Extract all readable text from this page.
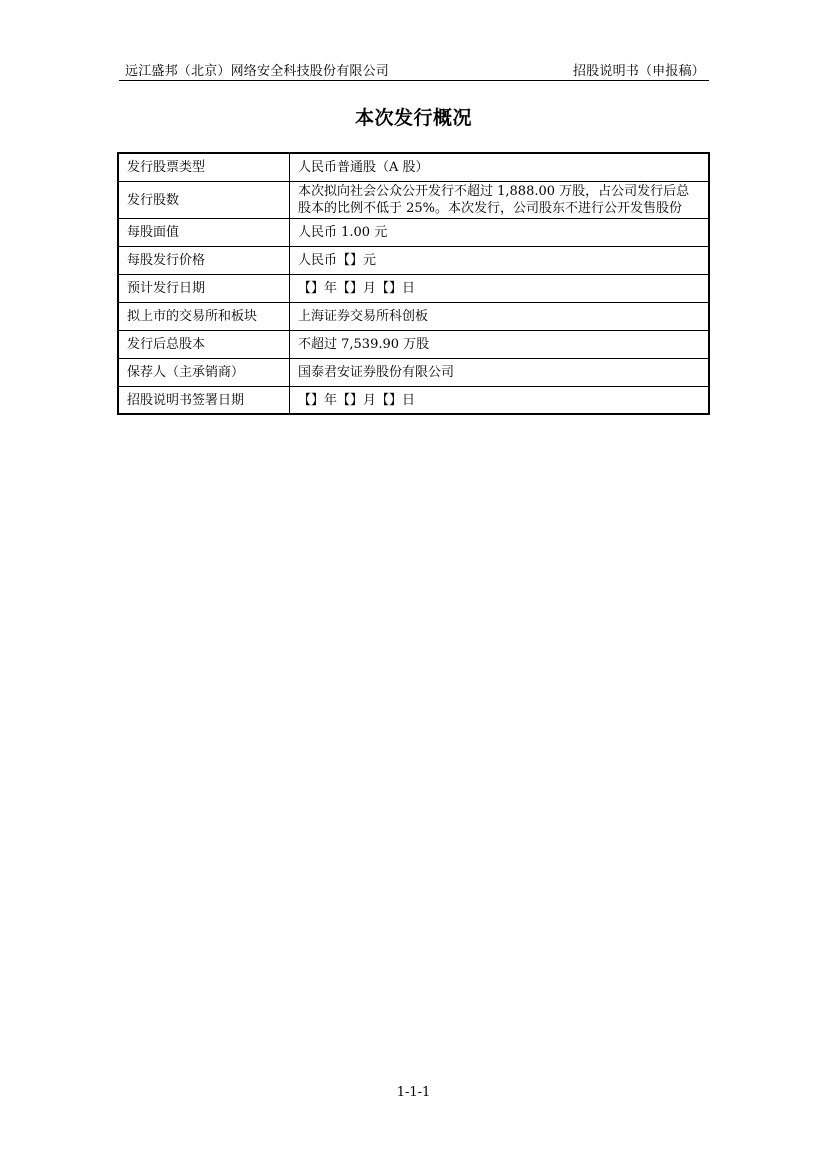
远江盛邦（北京）网络安全科技股份有限公司	招股说明书（申报稿）
本次发行概况
发行股票类型	人民币普通股（A 股）
发行股数	本次拟向社会公众公开发行不超过 1,888.00 万股，占公司发行后总股本的比例不低于 25%。本次发行，公司股东不进行公开发售股份
每股面值	人民币 1.00 元
每股发行价格	人民币【】元
预计发行日期	【】年【】月【】日
拟上市的交易所和板块	上海证券交易所科创板
发行后总股本	不超过 7,539.90 万股
保荐人（主承销商）	国泰君安证券股份有限公司
招股说明书签署日期	【】年【】月【】日
1-1-1
